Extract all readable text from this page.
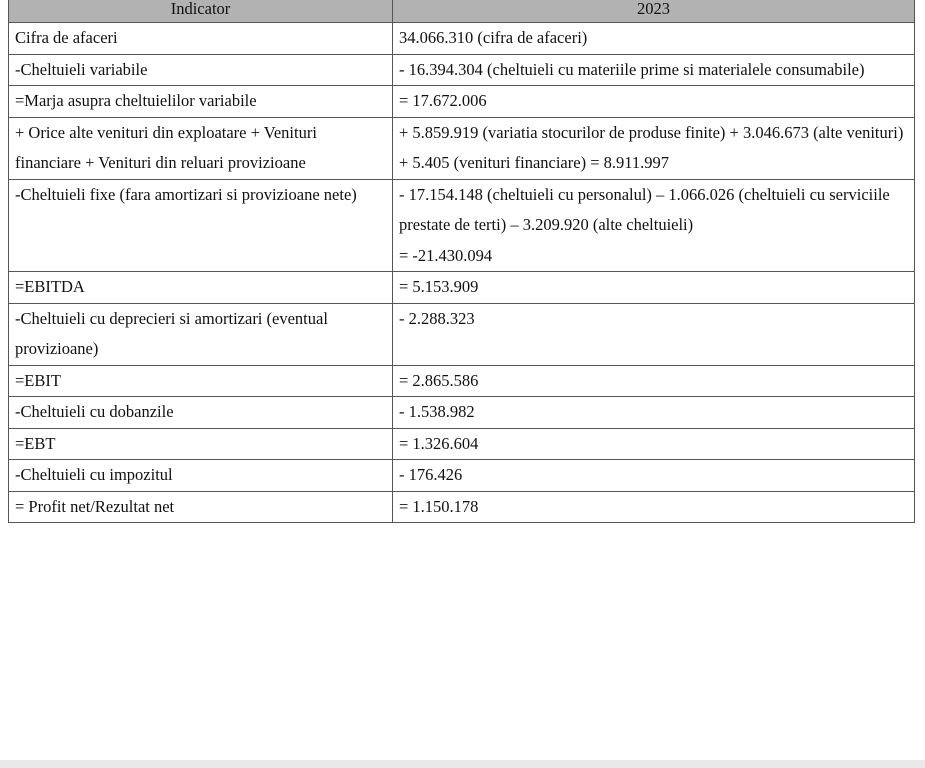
Indicator	2023
Cifra de afaceri	34.066.310 (cifra de afaceri)
-Cheltuieli variabile	- 16.394.304 (cheltuieli cu materiile prime si materialele consumabile)
=Marja asupra cheltuielilor variabile	= 17.672.006
+ Orice alte venituri din exploatare + Venituri financiare + Venituri din reluari provizioane	+ 5.859.919 (variatia stocurilor de produse finite) + 3.046.673 (alte venituri) + 5.405 (venituri financiare) = 8.911.997
-Cheltuieli fixe (fara amortizari si provizioane nete)	- 17.154.148 (cheltuieli cu personalul) – 1.066.026 (cheltuieli cu serviciile prestate de terti) – 3.209.920 (alte cheltuieli)
= -21.430.094

=EBITDA	= 5.153.909
-Cheltuieli cu deprecieri si amortizari (eventual provizioane)	- 2.288.323
=EBIT	= 2.865.586
-Cheltuieli cu dobanzile	- 1.538.982
=EBT	= 1.326.604
-Cheltuieli cu impozitul	- 176.426
= Profit net/Rezultat net	= 1.150.178
